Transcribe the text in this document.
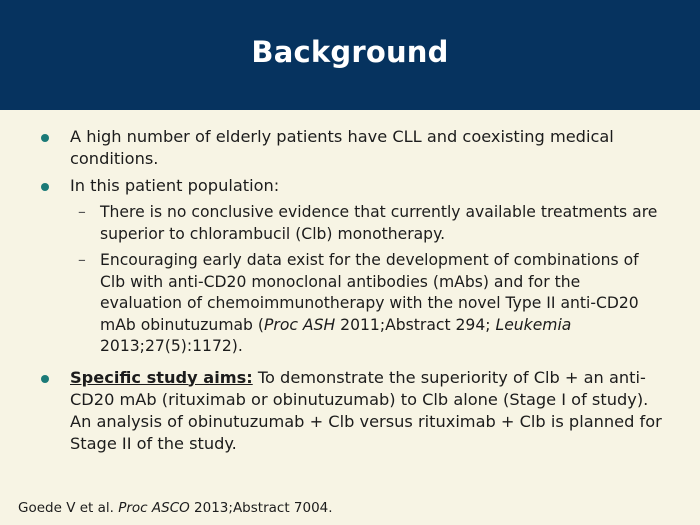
Background
A high number of elderly patients have CLL and coexisting medical conditions.
In this patient population:
– There is no conclusive evidence that currently available treatments are superior to chlorambucil (Clb) monotherapy.
– Encouraging early data exist for the development of combinations of Clb with anti-CD20 monoclonal antibodies (mAbs) and for the evaluation of chemoimmunotherapy with the novel Type II anti-CD20 mAb obinutuzumab (Proc ASH 2011;Abstract 294; Leukemia 2013;27(5):1172).
Specific study aims: To demonstrate the superiority of Clb + an anti-CD20 mAb (rituximab or obinutuzumab) to Clb alone (Stage I of study). An analysis of obinutuzumab + Clb versus rituximab + Clb is planned for Stage II of the study.
Goede V et al. Proc ASCO 2013;Abstract 7004.
